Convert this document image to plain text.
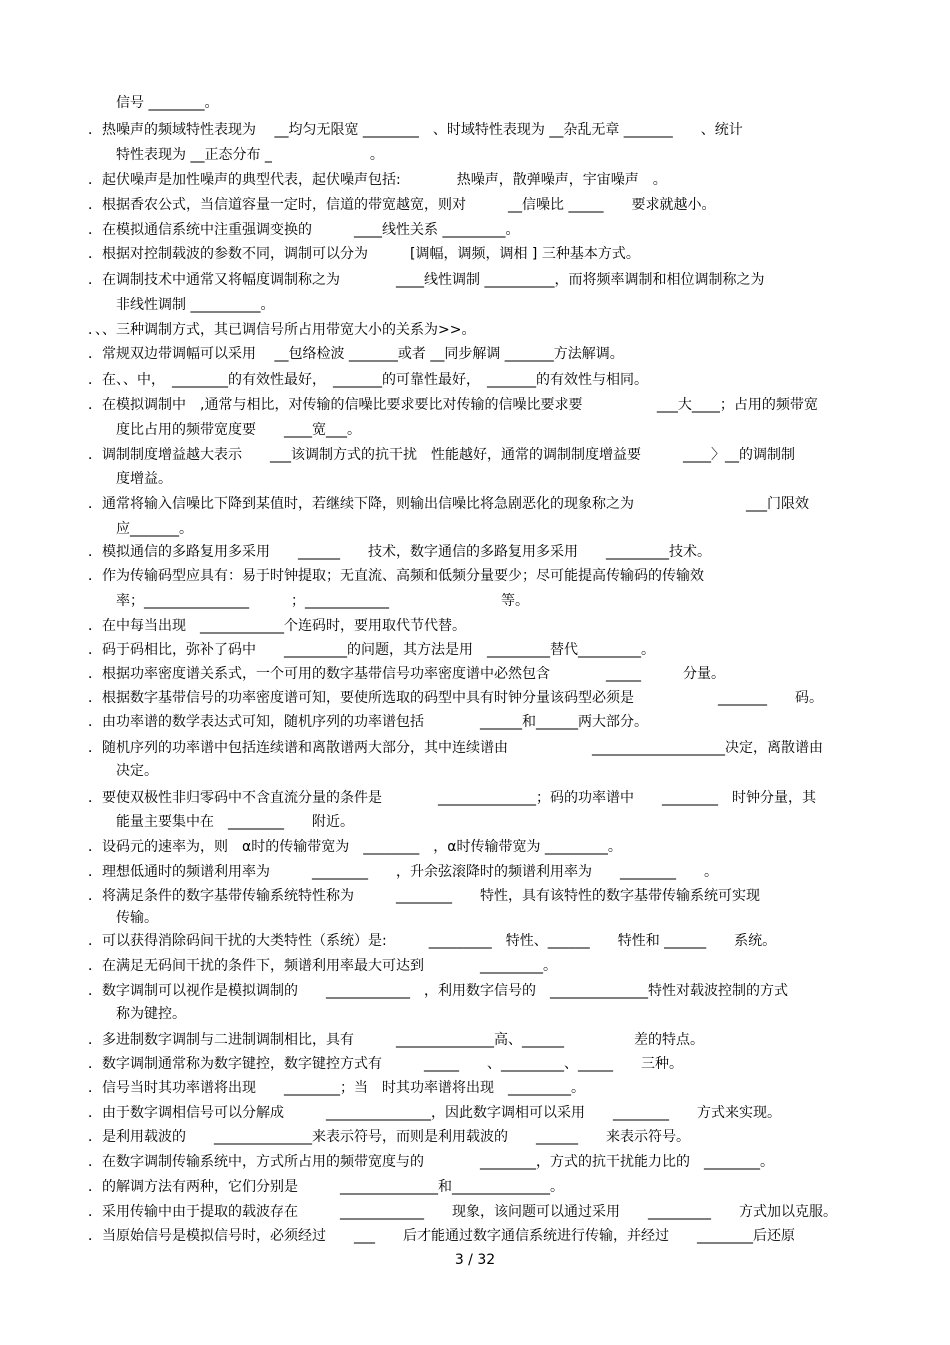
　　信号 ________。
．热噪声的频域特性表现为　 __均匀无限宽 ________　、时域特性表现为 __杂乱无章 _______　　、统计
　　特性表现为 __正态分布 _　　　　　　　。
．起伏噪声是加性噪声的典型代表，起伏噪声包括:　　　　热噪声，散弹噪声，宇宙噪声　。
．根据香农公式，当信道容量一定时，信道的带宽越宽，则对　　　__信噪比 _____　　要求就越小。
．在模拟通信系统中注重强调变换的　　　____线性关系 _________。
．根据对控制载波的参数不同，调制可以分为　　　[调幅，调频，调相 ] 三种基本方式。
．在调制技术中通常又将幅度调制称之为　　　　____线性调制 __________，而将频率调制和相位调制称之为
　　非线性调制 __________。
．、、三种调制方式，其已调信号所占用带宽大小的关系为>>。
．常规双边带调幅可以采用　 __包络检波 _______或者 __同步解调 _______方法解调。
．在、、中，　________的有效性最好，　_______的可靠性最好，　_______的有效性与相同。
．在模拟调制中　,通常与相比，对传输的信噪比要求要比对传输的信噪比要求要　　　　　 ___大____；占用的频带宽
　　度比占用的频带宽度要　　____宽___。
．调制制度增益越大表示　　___该调制方式的抗干扰　性能越好，通常的调制制度增益要　　　____〉__的调制制
　　度增益。
．通常将输入信噪比下降到某值时，若继续下降，则输出信噪比将急剧恶化的现象称之为　　　　　　　　___门限效
　　应_______。
．模拟通信的多路复用多采用　　______　　技术，数字通信的多路复用多采用　　_________技术。
．作为传输码型应具有：易于时钟提取；无直流、高频和低频分量要少；尽可能提高传输码的传输效
　　率；_______________　　　；____________　　　　　　　　等。
．在中每当出现　____________个连码时，要用取代节代替。
．码于码相比，弥补了码中　　_________的问题，其方法是用　_________替代_________。
．根据功率密度谱关系式，一个可用的数字基带信号功率密度谱中必然包含　　　　_____　　　分量。
．根据数字基带信号的功率密度谱可知，要使所选取的码型中具有时钟分量该码型必须是　　　　　　_______　　码。
．由功率谱的数学表达式可知，随机序列的功率谱包括　　　　______和______两大部分。
．随机序列的功率谱中包括连续谱和离散谱两大部分，其中连续谱由　　　　　　___________________决定，离散谱由
　　决定。
．要使双极性非归零码中不含直流分量的条件是　　　　______________；码的功率谱中　　________　时钟分量，其
　　能量主要集中在　________　　附近。
．设码元的速率为，则　α时的传输带宽为　________　，α时传输带宽为 _________。
．理想低通时的频谱利用率为　　　________　　，升余弦滚降时的频谱利用率为　　________　　。
．将满足条件的数字基带传输系统特性称为　　　________　　特性，具有该特性的数字基带传输系统可实现
　　传输。
．可以获得消除码间干扰的大类特性（系统）是:　　　_________　特性、______　　特性和 ______　　系统。
．在满足无码间干扰的条件下，频谱利用率最大可达到　　　　_________。
．数字调制可以视作是模拟调制的　　____________　，利用数字信号的　______________特性对载波控制的方式
　　称为键控。
．多进制数字调制与二进制调制相比，具有　　　______________高、______　　　　　差的特点。
．数字调制通常称为数字键控，数字键控方式有　　　_____　　、_________、_____　　三种。
．信号当时其功率谱将出现　　________；当　时其功率谱将出现　_________。
．由于数字调相信号可以分解成　　　_______________，因此数字调相可以采用　　________　　方式来实现。
．是利用载波的　　______________来表示符号，而则是利用载波的　　______　　来表示符号。
．在数字调制传输系统中，方式所占用的频带宽度与的　　　　________，方式的抗干扰能力比的　________。
．的解调方法有两种，它们分别是　　　______________和______________。
．采用传输中由于提取的载波存在　　　____________　　现象，该问题可以通过采用　　_________　　方式加以克服。
．当原始信号是模拟信号时，必须经过　　___　　后才能通过数字通信系统进行传输，并经过　　________后还原
3 / 32
